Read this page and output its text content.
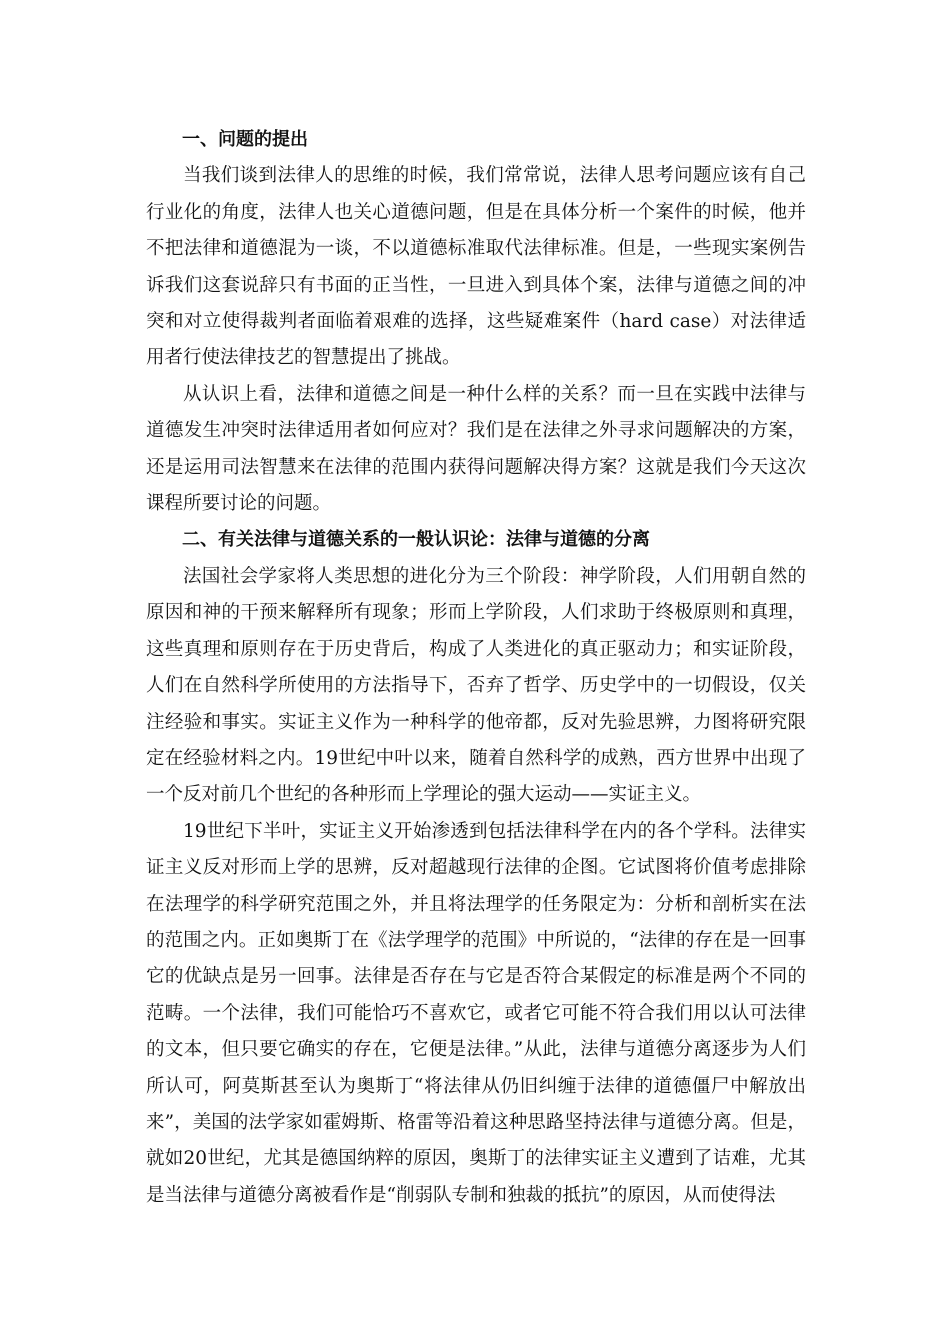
一、问题的提出

当我们谈到法律人的思维的时候，我们常常说，法律人思考问题应该有自己行业化的角度，法律人也关心道德问题，但是在具体分析一个案件的时候，他并不把法律和道德混为一谈，不以道德标准取代法律标准。但是，一些现实案例告诉我们这套说辞只有书面的正当性，一旦进入到具体个案，法律与道德之间的冲突和对立使得裁判者面临着艰难的选择，这些疑难案件（hard case）对法律适用者行使法律技艺的智慧提出了挑战。

从认识上看，法律和道德之间是一种什么样的关系？而一旦在实践中法律与道德发生冲突时法律适用者如何应对？我们是在法律之外寻求问题解决的方案，还是运用司法智慧来在法律的范围内获得问题解决得方案？这就是我们今天这次课程所要讨论的问题。

二、有关法律与道德关系的一般认识论：法律与道德的分离

法国社会学家将人类思想的进化分为三个阶段：神学阶段，人们用朝自然的原因和神的干预来解释所有现象；形而上学阶段，人们求助于终极原则和真理，这些真理和原则存在于历史背后，构成了人类进化的真正驱动力；和实证阶段，人们在自然科学所使用的方法指导下，否弃了哲学、历史学中的一切假设，仅关注经验和事实。实证主义作为一种科学的他帝都，反对先验思辨，力图将研究限定在经验材料之内。19世纪中叶以来，随着自然科学的成熟，西方世界中出现了一个反对前几个世纪的各种形而上学理论的强大运动——实证主义。

19世纪下半叶，实证主义开始渗透到包括法律科学在内的各个学科。法律实证主义反对形而上学的思辨，反对超越现行法律的企图。它试图将价值考虑排除在法理学的科学研究范围之外，并且将法理学的任务限定为：分析和剖析实在法的范围之内。正如奥斯丁在《法学理学的范围》中所说的，“法律的存在是一回事它的优缺点是另一回事。法律是否存在与它是否符合某假定的标准是两个不同的范畴。一个法律，我们可能恰巧不喜欢它，或者它可能不符合我们用以认可法律的文本，但只要它确实的存在，它便是法律。”从此，法律与道德分离逐步为人们所认可，阿莫斯甚至认为奥斯丁“将法律从仍旧纠缠于法律的道德僵尸中解放出来”，美国的法学家如霍姆斯、格雷等沿着这种思路坚持法律与道德分离。但是，就如20世纪，尤其是德国纳粹的原因，奥斯丁的法律实证主义遭到了诘难，尤其是当法律与道德分离被看作是“削弱队专制和独裁的抵抗”的原因，从而使得法
